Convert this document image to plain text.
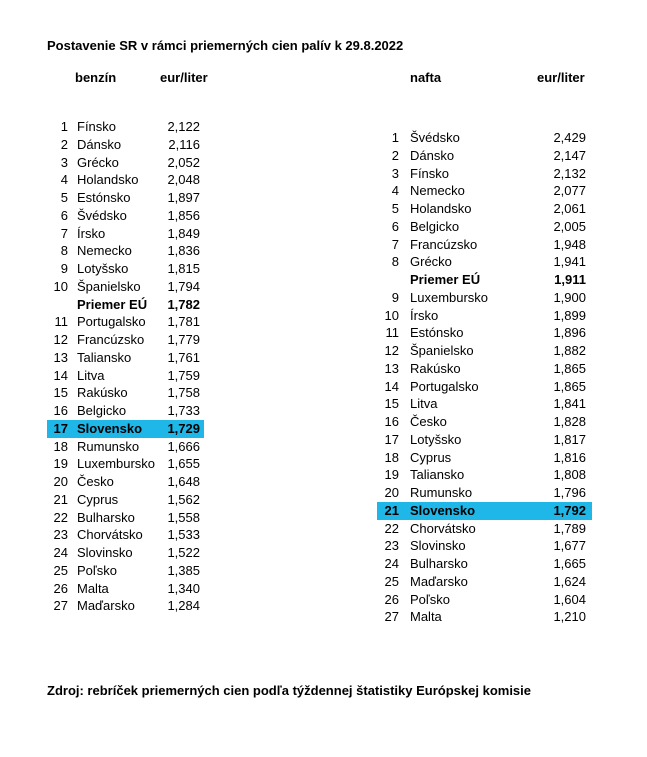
Postavenie SR v rámci priemerných cien palív k 29.8.2022
benzín	eur/liter	nafta	eur/liter
1 Fínsko	2,122
2 Dánsko	2,116
3 Grécko	2,052
4 Holandsko 2,048
5 Estónsko	1,897
6 Švédsko	1,856
7 Írsko	1,849
8 Nemecko	1,836
9 Lotyšsko	1,815
10 Španielsko 1,794
Priemer EÚ 1,782
11 Portugalsko 1,781
12 Francúzsko 1,779
13 Taliansko	1,761
14 Litva	1,759
15 Rakúsko	1,758
16 Belgicko	1,733
17 Slovensko 1,729
18 Rumunsko 1,666
19 Luxembursko 1,655
20 Česko	1,648
21 Cyprus	1,562
22 Bulharsko	1,558
23 Chorvátsko 1,533
24 Slovinsko	1,522
25 Poľsko	1,385
26 Malta	1,340
27 Maďarsko	1,284
1 Švédsko	2,429
2 Dánsko	2,147
3 Fínsko	2,132
4 Nemecko	2,077
5 Holandsko	2,061
6 Belgicko	2,005
7 Francúzsko	1,948
8 Grécko	1,941
Priemer EÚ	1,911
9 Luxembursko	1,900
10 Írsko	1,899
11 Estónsko	1,896
12 Španielsko	1,882
13 Rakúsko	1,865
14 Portugalsko	1,865
15 Litva	1,841
16 Česko	1,828
17 Lotyšsko	1,817
18 Cyprus	1,816
19 Taliansko	1,808
20 Rumunsko	1,796
21 Slovensko	1,792
22 Chorvátsko	1,789
23 Slovinsko	1,677
24 Bulharsko	1,665
25 Maďarsko	1,624
26 Poľsko	1,604
27 Malta	1,210
Zdroj: rebríček priemerných cien podľa týždennej štatistiky Európskej komisie
